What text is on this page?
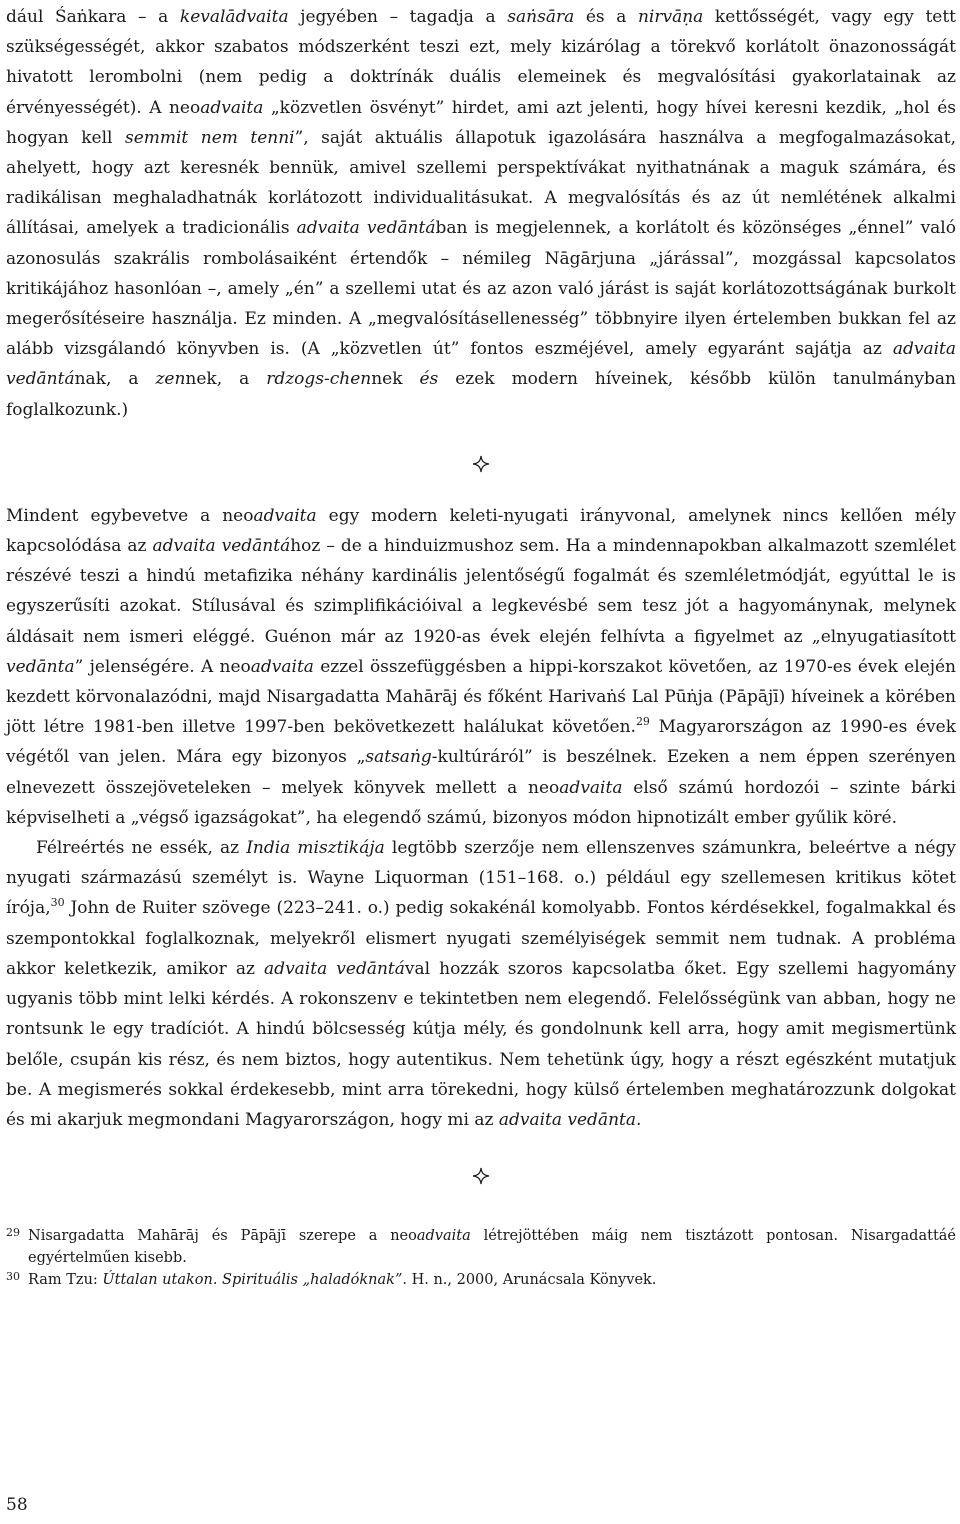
dául Śaṅkara – a kevalādvaita jegyében – tagadja a saṅsāra és a nirvāṇa kettősségét, vagy egy tett szükségességét, akkor szabatos módszerként teszi ezt, mely kizárólag a törekvő korlátolt önazonosságát hivatott lerombolni (nem pedig a doktrínák duális elemeinek és megvalósítási gyakorlatainak az érvényességét). A neoadvaita „közvetlen ösvényt” hirdet, ami azt jelenti, hogy hívei keresni kezdik, „hol és hogyan kell semmit nem tenni”, saját aktuális állapotuk igazolására használva a megfogalmazásokat, ahelyett, hogy azt keresnék bennük, amivel szellemi perspektívákat nyithatnának a maguk számára, és radikálisan meghaladhatnák korlátozott individualitásukat. A megvalósítás és az út nemlétének alkalmi állításai, amelyek a tradicionális advaita vedāntában is megjelennek, a korlátolt és közönséges „énnel” való azonosulás szakrális rombolásaiként értendők – némileg Nāgārjuna „járással”, mozgással kapcsolatos kritikájához hasonlóan –, amely „én” a szellemi utat és az azon való járást is saját korlátozottságának burkolt megerősítéseire használja. Ez minden. A „megvalósításellenesség” többnyire ilyen értelemben bukkan fel az alább vizsgálandó könyvben is. (A „közvetlen út” fontos eszméjével, amely egyaránt sajátja az advaita vedāntának, a zennek, a rdzogs-chennek és ezek modern híveinek, később külön tanulmányban foglalkozunk.)

Mindent egybevetve a neoadvaita egy modern keleti-nyugati irányvonal, amelynek nincs kellően mély kapcsolódása az advaita vedāntához – de a hinduizmushoz sem. Ha a mindennapokban alkalmazott szemlélet részévé teszi a hindú metafizika néhány kardinális jelentőségű fogalmát és szemléletmódját, egyúttal le is egyszerűsíti azokat. Stílusával és szimplifikációival a legkevésbé sem tesz jót a hagyománynak, melynek áldásait nem ismeri eléggé. Guénon már az 1920-as évek elején felhívta a figyelmet az „elnyugatiasított vedānta” jelenségére. A neoadvaita ezzel összefüggésben a hippi-korszakot követően, az 1970-es évek elején kezdett körvonalazódni, majd Nisargadatta Mahārāj és főként Harivaṅś Lal Pūṅja (Pāpājī) híveinek a körében jött létre 1981-ben illetve 1997-ben bekövetkezett halálukat követően.$^{29}$ Magyarországon az 1990-es évek végétől van jelen. Mára egy bizonyos „satsaṅg-kultúráról” is beszélnek. Ezeken a nem éppen szerényen elnevezett összejöveteleken – melyek könyvek mellett a neoadvaita első számú hordozói – szinte bárki képviselheti a „végső igazságokat”, ha elegendő számú, bizonyos módon hipnotizált ember gyűlik köré.

Félreértés ne essék, az India misztikája legtöbb szerzője nem ellenszenves számunkra, beleértve a négy nyugati származású személyt is. Wayne Liquorman (151–168. o.) például egy szellemesen kritikus kötet írója,$^{30}$ John de Ruiter szövege (223–241. o.) pedig sokakénál komolyabb. Fontos kérdésekkel, fogalmakkal és szempontokkal foglalkoznak, melyekről elismert nyugati személyiségek semmit nem tudnak. A probléma akkor keletkezik, amikor az advaita vedāntával hozzák szoros kapcsolatba őket. Egy szellemi hagyomány ugyanis több mint lelki kérdés. A rokonszenv e tekintetben nem elegendő. Felelősségünk van abban, hogy ne rontsunk le egy tradíciót. A hindú bölcsesség kútja mély, és gondolnunk kell arra, hogy amit megismertünk belőle, csupán kis rész, és nem biztos, hogy autentikus. Nem tehetünk úgy, hogy a részt egészként mutatjuk be. A megismerés sokkal érdekesebb, mint arra törekedni, hogy külső értelemben meghatározzunk dolgokat és mi akarjuk megmondani Magyarországon, hogy mi az advaita vedānta.

29 Nisargadatta Mahārāj és Pāpājī szerepe a neoadvaita létrejöttében máig nem tisztázott pontosan. Nisargadattáé egyértelműen kisebb.
30 Ram Tzu: Úttalan utakon. Spirituális „haladóknak”. H. n., 2000, Arunácsala Könyvek.
58
